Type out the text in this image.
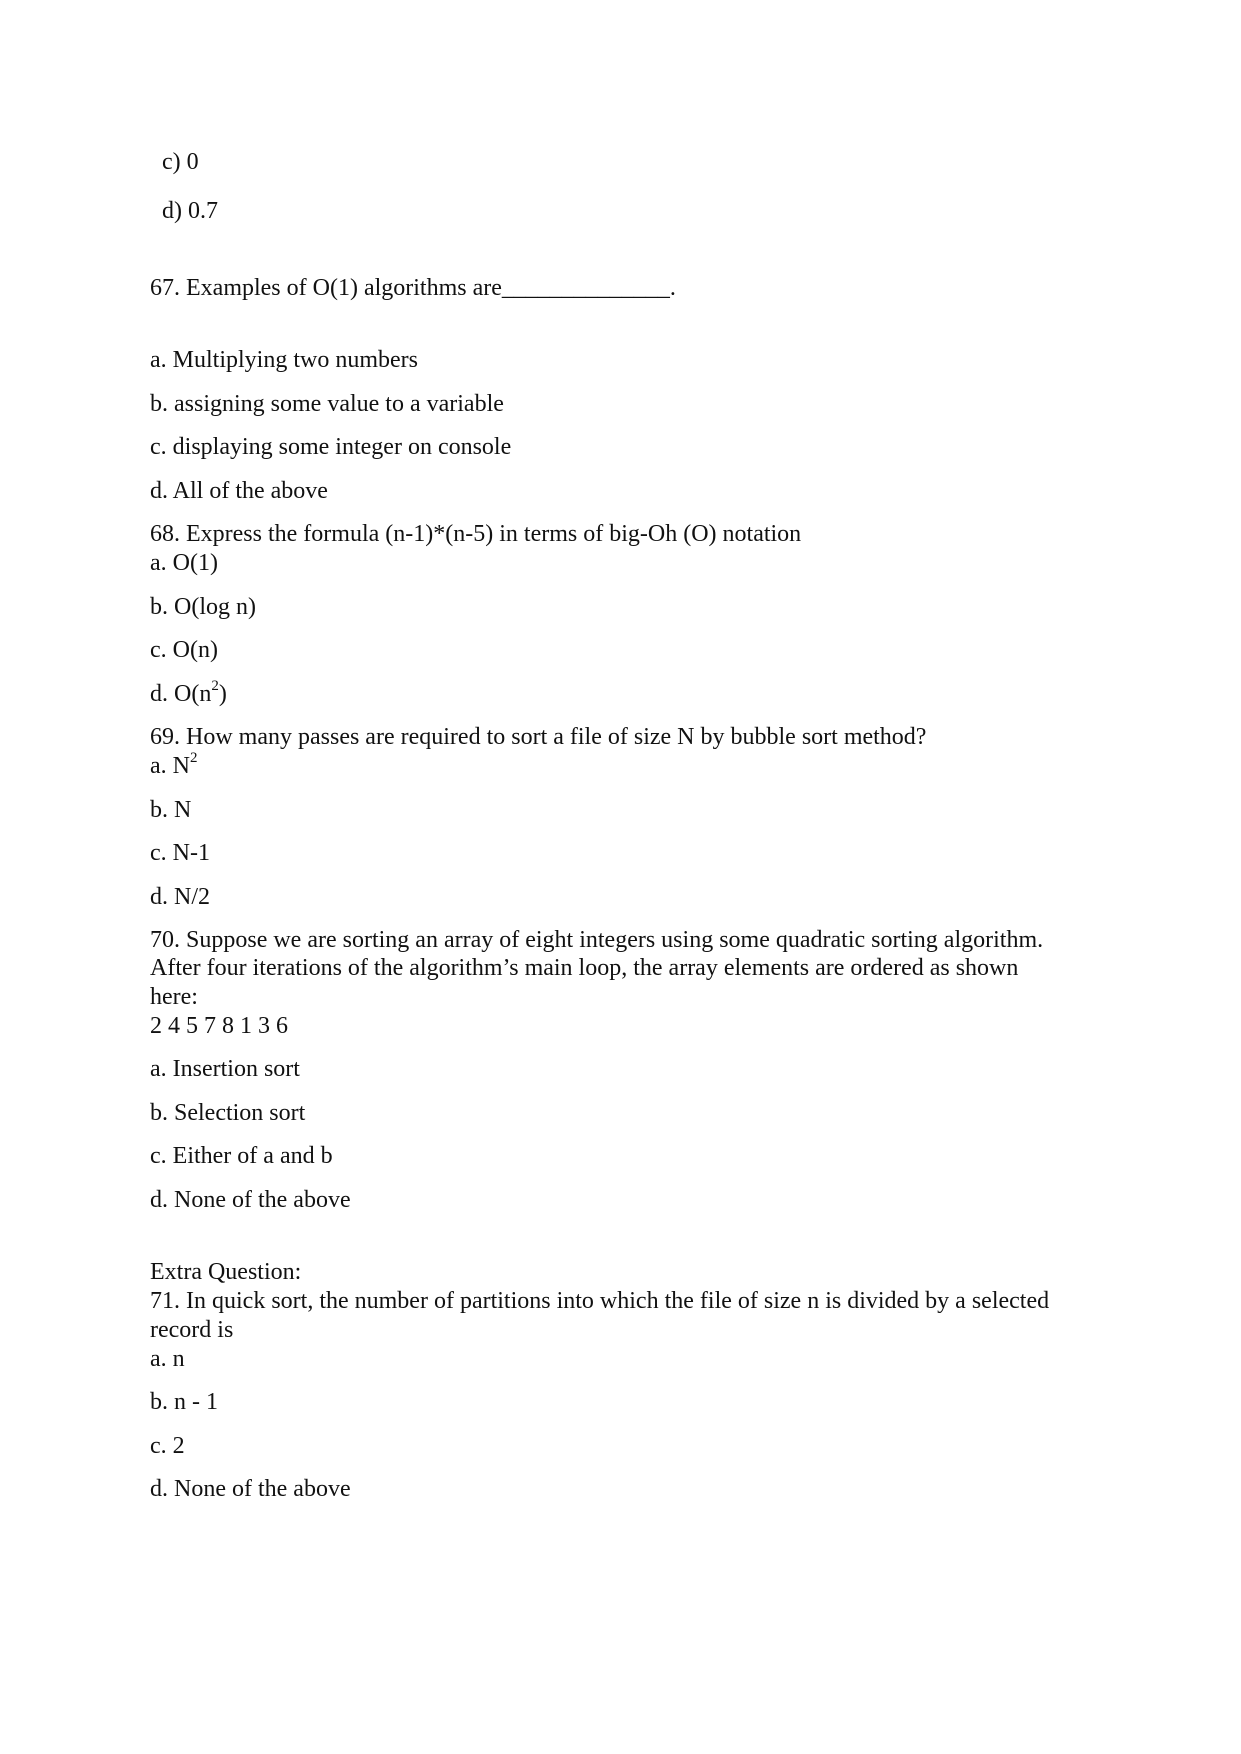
c) 0
d) 0.7
67. Examples of O(1) algorithms are______________.
a. Multiplying two numbers
b. assigning some value to a variable
c. displaying some integer on console
d. All of the above
68. Express the formula (n-1)*(n-5) in terms of big-Oh (O) notation
a. O(1)
b. O(log n)
c. O(n)
d. $O(n^2)$
69. How many passes are required to sort a file of size N by bubble sort method?
a. $N^2$
b. N
c. N-1
d. N/2
70. Suppose we are sorting an array of eight integers using some quadratic sorting algorithm.
After four iterations of the algorithm’s main loop, the array elements are ordered as shown
here:
2 4 5 7 8 1 3 6
a. Insertion sort
b. Selection sort
c. Either of a and b
d. None of the above
Extra Question:
71. In quick sort, the number of partitions into which the file of size n is divided by a selected
record is
a. n
b. n - 1
c. 2
d. None of the above
